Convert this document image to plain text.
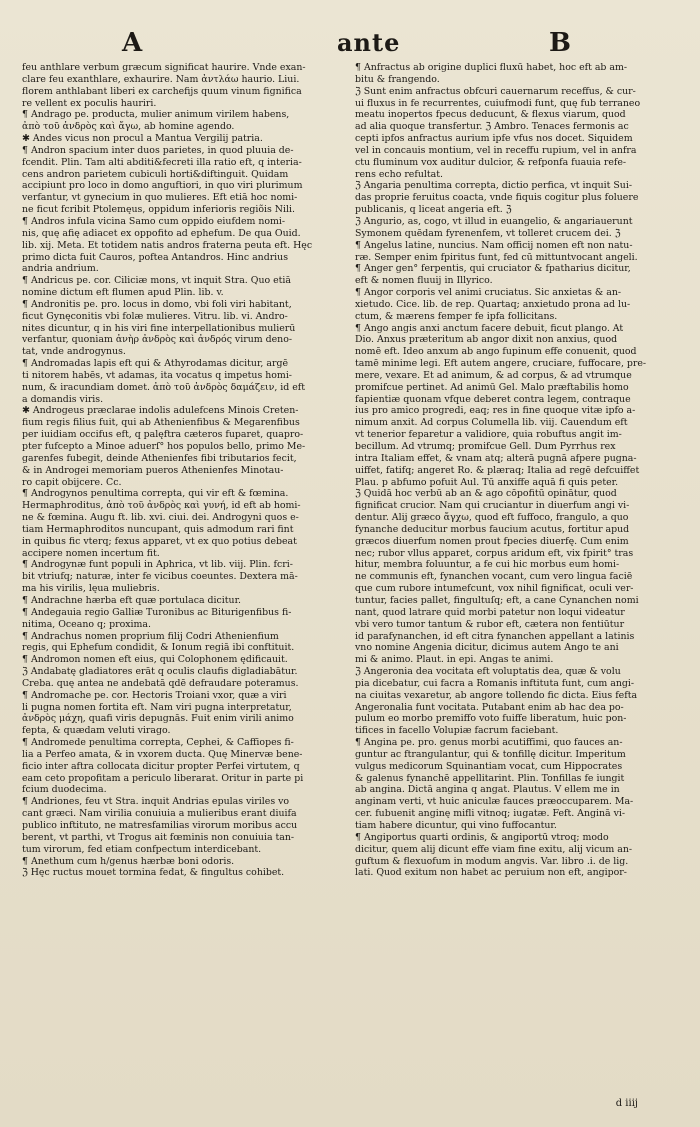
A	ante	B
feu anthlare verbum græcum significat haurire. Vnde exan-
clare feu exanthlare, exhaurire. Nam ἀντλάω haurio. Liui.
florem anthlabant liberi ex carchefijs quum vinum fignifica
re vellent ex poculis hauriri.
¶ Andrago pe. producta, mulier animum virilem habens,
ἀπὸ τοῦ ἀνδρὸς καὶ ἄγω, ab homine agendo.
✱ Andes vicus non procul a Mantua Vergilij patria.
¶ Andron spacium inter duos parietes, in quod pluuia de-
fcendit. Plin. Tam alti abditi&fecreti illa ratio eft, q interia-
cens andron parietem cubiculi horti&diftinguit. Quidam
accipiunt pro loco in domo anguftiori, in quo viri plurimum
verfantur, vt gynecium in quo mulieres. Eft etiā hoc nomi-
ne ficut fcribit Ptolemęus, oppidum inferioris regiõis Nili.
¶ Andros infula vicina Samo cum oppido eiufdem nomi-
nis, quę afię adiacet ex oppofito ad ephefum. De qua Ouid.
lib. xij. Meta. Et totidem natis andros fraterna peuta eft. Hęc
primo dicta fuit Cauros, poftea Antandros. Hinc andrius
andria andrium.
¶ Andricus pe. cor. Ciliciæ mons, vt inquit Stra. Quo etiā
nomine dictum eft flumen apud Plin. lib. v.
¶ Andronitis pe. pro. locus in domo, vbi foli viri habitant,
ficut Gynęconitis vbi folæ mulieres. Vitru. lib. vi. Andro-
nites dicuntur, q in his viri fine interpellationibus mulierū
verfantur, quoniam ἀνὴρ ἀνδρὸς καὶ ἀνδρός virum deno-
tat, vnde androgynus.
¶ Andromadas lapis eft qui & Athyrodamas dicitur, argē
ti nitorem habēs, vt adamas, ita vocatus q impetus homi-
num, & iracundiam domet. ἀπὸ τοῦ ἀνδρὸς δαμάζειν, id eft
a domandis viris.
✱ Androgeus præclarae indolis adulefcens Minois Creten-
fium regis filius fuit, qui ab Athenienfibus & Megarenfibus
per iuidiam occifus eft, q palęftra cæteros fuparet, quapro-
pter fufcepto a Minoe aduerſ° hos populos bello, primo Me-
garenfes fubegit, deinde Athenienfes fibi tributarios fecit,
& in Androgei memoriam pueros Athenienfes Minotau-
ro capit obijcere. Cc.
¶ Androgynos penultima correpta, qui vir eft & fœmina.
Hermaphroditus, ἀπὸ τοῦ ἀνδρὸς καὶ γυνή, id eft ab homi-
ne & fœmina. Augu ft. lib. xvi. ciui. dei. Androgyni quos e-
tiam Hermaphroditos nuncupant, quis admodum rari fint
in quibus fic vterq; fexus apparet, vt ex quo potius debeat
accipere nomen incertum fit.
¶ Androgynæ funt populi in Aphrica, vt lib. viij. Plin. fcri-
bit vtriufq; naturæ, inter fe vicibus coeuntes. Dextera mā-
ma his virilis, lęua muliebris.
¶ Andrachne hærba eft quæ portulaca dicitur.
¶ Andegauia regio Galliæ Turonibus ac Biturigenfibus fi-
nitima, Oceano q; proxima.
¶ Andrachus nomen proprium filij Codri Athenienfium
regis, qui Ephefum condidit, & Ionum regiā ibi conftituit.
¶ Andromon nomen eft eius, qui Colophonem ędificauit.
ℨ Andabatę gladiatores erāt q oculis claufis digladiabātur.
Creba. quę antea ne andebatā qdē defraudare poteramus.
¶ Andromache pe. cor. Hectoris Troiani vxor, quæ a viri
li pugna nomen fortita eft. Nam viri pugna interpretatur,
ἀνδρὸς μάχη, quafi viris depugnās. Fuit enim virili animo
fepta, & quædam veluti virago.
¶ Andromede penultima correpta, Cephei, & Caffiopes fi-
lia a Perfeo amata, & in vxorem ducta. Quę Minervæ bene-
ficio inter aftra collocata dicitur propter Perfei virtutem, q
eam ceto propofitam a periculo liberarat. Oritur in parte pi
fcium duodecima.
¶ Andriones, feu vt Stra. inquit Andrias epulas viriles vo
cant græci. Nam virilia conuiuia a mulieribus erant diuifa
publico inftituto, ne matresfamilias virorum moribus accu
berent, vt parthi, vt Trogus ait fœminis non conuiuia tan-
tum virorum, fed etiam confpectum interdicebant.
¶ Anethum cum h/genus hærbæ boni odoris.
ℨ Hęc ructus mouet tormina fedat, & fingultus cohibet.
¶ Anfractus ab origine duplici fluxū habet, hoc eft ab am-
bitu & frangendo.
ℨ Sunt enim anfractus obfcuri cauernarum receffus, & cur-
ui fluxus in fe recurrentes, cuiufmodi funt, quę fub terraneo
meatu inopertos fpecus deducunt, & flexus viarum, quod
ad alia quoque transfertur. ℨ Ambro. Tenaces fermonis ac
cepti ipfos anfractus aurium ipfe vfus nos docet. Siquidem
vel in concauis montium, vel in receffu rupium, vel in anfra
ctu fluminum vox auditur dulcior, & refponfa fuauia refe-
rens echo refultat.
ℨ Angaria penultima correpta, dictio perfica, vt inquit Sui-
das proprie feruitus coacta, vnde fiquis cogitur plus foluere
publicanis, q liceat angeria eft. ℨ
ℨ Angurio, as, cogo, vt illud in euangelio, & angariauerunt
Symonem quēdam fyrenenfem, vt tolleret crucem dei. ℨ
¶ Angelus latine, nuncius. Nam officij nomen eft non natu-
ræ. Semper enim fpiritus funt, fed cū mittuntvocant angeli.
¶ Anger gen° ferpentis, qui cruciator & fpatharius dicitur,
eft & nomen fluuij in Illyrico.
¶ Angor corporis vel animi cruciatus. Sic anxietas & an-
xietudo. Cice. lib. de rep. Quartaq; anxietudo prona ad lu-
ctum, & mærens femper fe ipfa follicitans.
¶ Ango angis anxi anctum facere debuit, ficut plango. At
Dio. Anxus præteritum ab angor dixit non anxius, quod
nomē eft. Ideo anxum ab ango fupinum effe conuenit, quod
tamē minime legi. Eft autem angere, cruciare, fuffocare, pre-
mere, vexare. Et ad animum, & ad corpus, & ad vtrumque
promifcue pertinet. Ad animū Gel. Malo præftabilis homo
fapientiæ quonam vfque deberet contra legem, contraque
ius pro amico progredi, eaq; res in fine quoque vitæ ipfo a-
nimum anxit. Ad corpus Columella lib. viij. Cauendum eft
vt tenerior feparetur a validiore, quia robuftus angit im-
becillum. Ad vtrumq; promifcue Gell. Dum Pyrrhus rex
intra Italiam effet, & vnam atq; alterā pugnā afpere pugna-
uiffet, fatifq; angeret Ro. & plæraq; Italia ad regē defcuiffet
Plau. p abfumo pofuit Aul. Tū anxiffe aquā fi quis peter.
ℨ Quidā hoc verbū ab an & ago cōpofitū opinātur, quod
fignificat crucior. Nam qui cruciantur in diuerfum angi vi-
dentur. Alij græco ἄγχω, quod eft fuffoco, frangulo, a quo
fynanche deducitur morbus faucium acutus, fortitur apud
græcos diuerfum nomen prout fpecies diuerfę. Cum enim
nec; rubor vllus apparet, corpus aridum eft, vix fpirit° tras
hitur, membra foluuntur, a fe cui hic morbus eum homi-
ne communis eft, fynanchen vocant, cum vero lingua faciē
que cum rubore intumefcunt, vox nihil fignificat, oculi ver-
tuntur, facies pallet, fingultuſq; eft, a cane Cynanchen nomi
nant, quod latrare quid morbi patetur non loqui videatur
vbi vero tumor tantum & rubor eft, cætera non fentiūtur
id parafynanchen, id eft citra fynanchen appellant a latinis
vno nomine Angenia dicitur, dicimus autem Ango te ani
mi & animo. Plaut. in epi. Angas te animi.
ℨ Angeronia dea vocitata eft voluptatis dea, quæ & volu
pia dicebatur, cui facra a Romanis inftituta funt, cum angi-
na ciuitas vexaretur, ab angore tollendo fic dicta. Eius fefta
Angeronalia funt vocitata. Putabant enim ab hac dea po-
pulum eo morbo premiffo voto fuiffe liberatum, huic pon-
tifices in facello Volupiæ facrum faciebant.
¶ Angina pe. pro. genus morbi acutiffimi, quo fauces an-
guntur ac ftrangulantur, qui & tonfillę dicitur. Imperitum
vulgus medicorum Squinantiam vocat, cum Hippocrates
& galenus fynanchē appellitarint. Plin. Tonfillas fe iungit
ab angina. Dictā angina q angat. Plautus. V ellem me in
anginam verti, vt huic aniculæ fauces præoccuparem. Ma-
cer. fubuenit anginę mifli vitnoq; iugatæ. Feft. Anginā vi-
tiam habere dicuntur, qui vino fuffocantur.
¶ Angiportus quarti ordinis, & angiportū vtroq; modo
dicitur, quem alij dicunt effe viam fine exitu, alij vicum an-
guftum & flexuofum in modum angvis. Var. libro .i. de lig.
lati. Quod exitum non habet ac peruium non eft, angipor-
d iiij
